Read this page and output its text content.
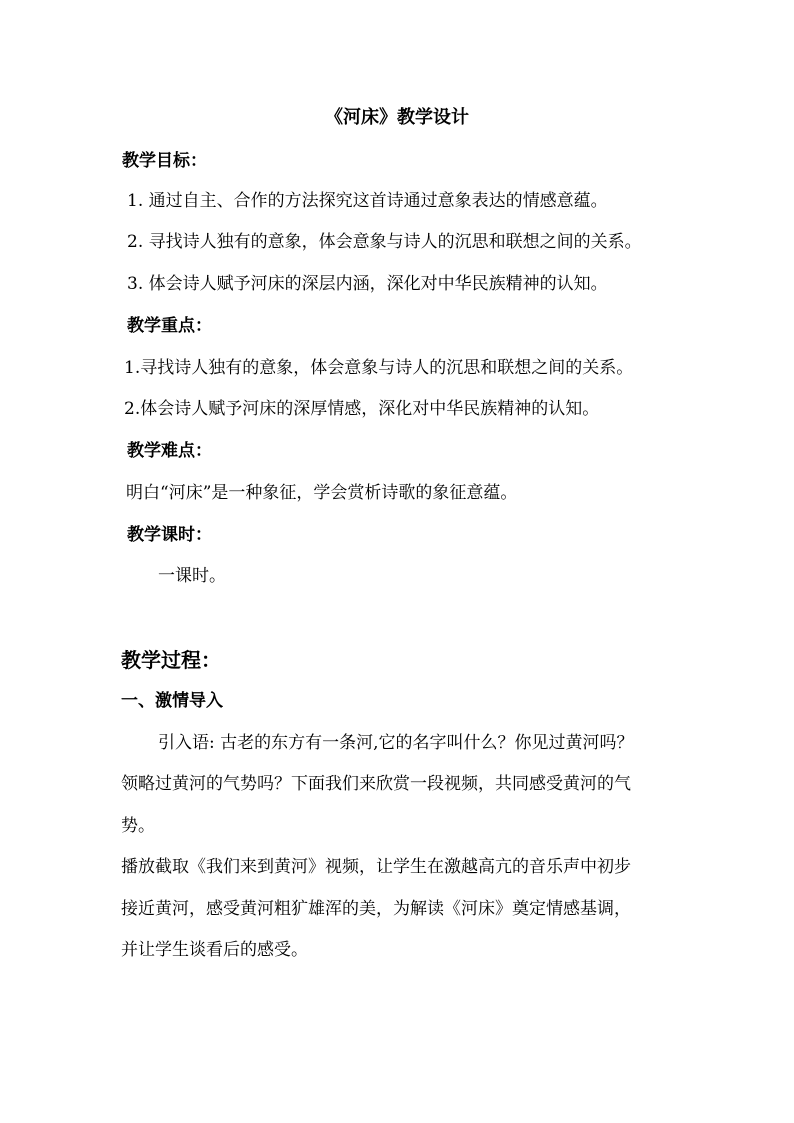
《河床》教学设计
教学目标：
1. 通过自主、合作的方法探究这首诗通过意象表达的情感意蕴。
2. 寻找诗人独有的意象，体会意象与诗人的沉思和联想之间的关系。
3. 体会诗人赋予河床的深层内涵，深化对中华民族精神的认知。
教学重点：
1.寻找诗人独有的意象，体会意象与诗人的沉思和联想之间的关系。
2.体会诗人赋予河床的深厚情感，深化对中华民族精神的认知。
教学难点：
明白“河床”是一种象征，学会赏析诗歌的象征意蕴。
教学课时：
一课时。
教学过程：
一、激情导入
引入语: 古老的东方有一条河,它的名字叫什么？你见过黄河吗？
领略过黄河的气势吗？下面我们来欣赏一段视频，共同感受黄河的气
势。
播放截取《我们来到黄河》视频，让学生在激越高亢的音乐声中初步
接近黄河，感受黄河粗犷雄浑的美，为解读《河床》奠定情感基调，
并让学生谈看后的感受。
